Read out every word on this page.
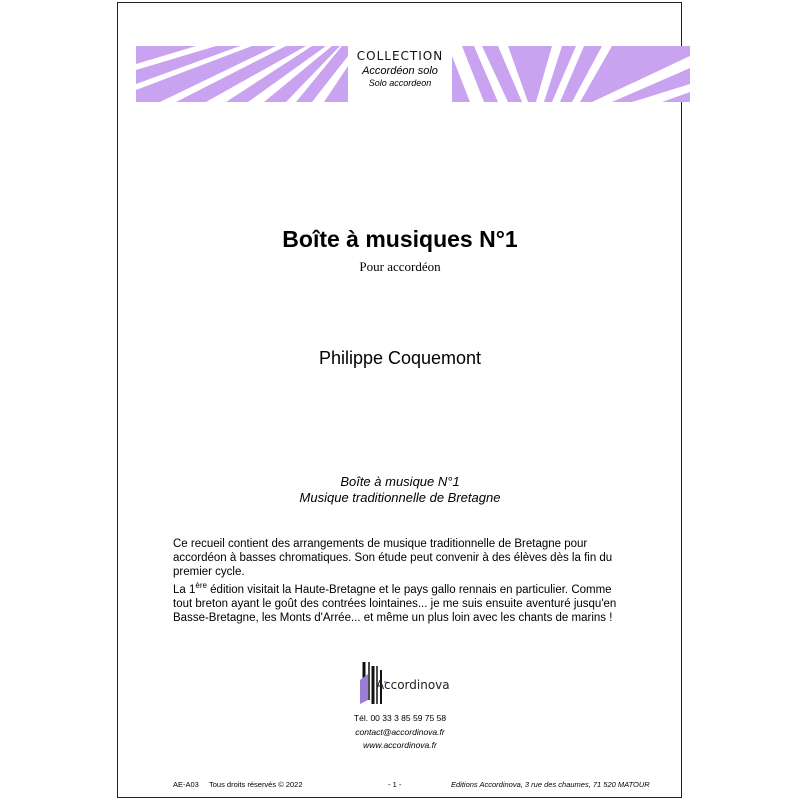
COLLECTION
Accordéon solo
Solo accordeon
Boîte à musiques N°1
Pour accordéon
Philippe Coquemont
Boîte à musique N°1
Musique traditionnelle de Bretagne
Ce recueil contient des arrangements de musique traditionnelle de Bretagne pour accordéon à basses chromatiques. Son étude peut convenir à des élèves dès la fin du premier cycle.
La 1ère édition visitait la Haute-Bretagne et le pays gallo rennais en particulier. Comme tout breton ayant le goût des contrées lointaines... je me suis ensuite aventuré jusqu'en Basse-Bretagne, les Monts d'Arrée... et même un plus loin avec les chants de marins !
Accordinova
Tél. 00 33 3 85 59 75 58
contact@accordinova.fr
www.accordinova.fr
AE-A03 Tous droits réservés © 2022	- 1 -	Editions Accordinova, 3 rue des chaumes, 71 520 MATOUR
